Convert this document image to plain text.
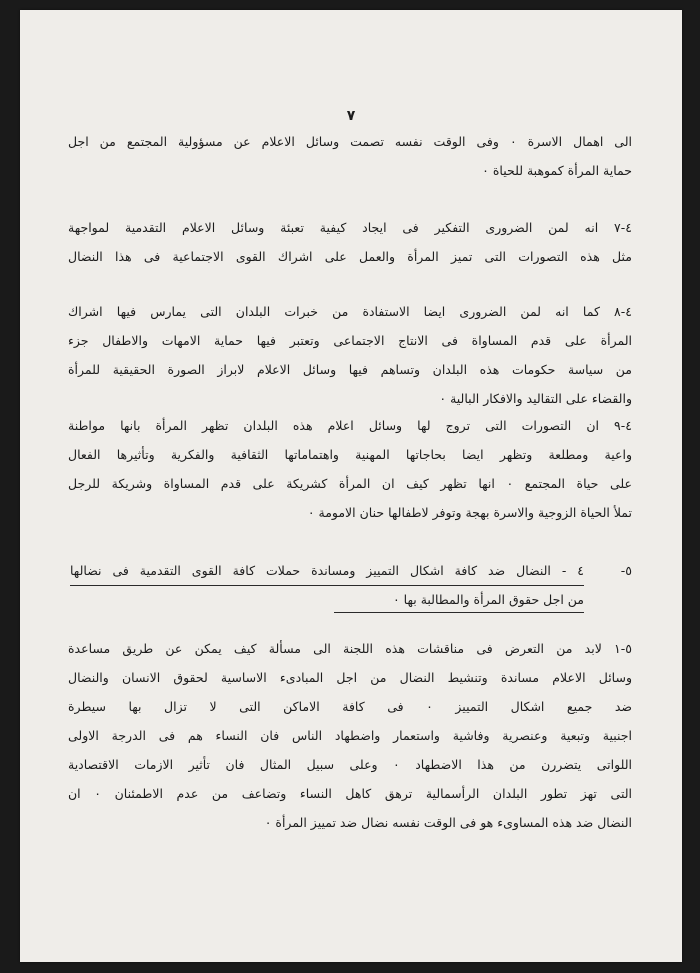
٧
الى اهمال الاسرة ٠ وفى الوقت نفسه تصمت وسائل الاعلام عن مسؤولية المجتمع من اجل
حماية المرأة كموهبة للحياة ٠
٤-٧ انه لمن الضرورى التفكير فى ايجاد كيفية تعبئة وسائل الاعلام التقدمية لمواجهة
مثل هذه التصورات التى تميز المرأة والعمل على اشراك القوى الاجتماعية فى هذا النضال
٤-٨ كما انه لمن الضرورى ايضا الاستفادة من خبرات البلدان التى يمارس فيها اشراك
المرأة على قدم المساواة فى الانتاج الاجتماعى وتعتبر فيها حماية الامهات والاطفال جزء
من سياسة حكومات هذه البلدان وتساهم فيها وسائل الاعلام لابراز الصورة الحقيقية للمرأة
والقضاء على التقاليد والافكار البالية ٠
٤-٩ ان التصورات التى تروج لها وسائل اعلام هذه البلدان تظهر المرأة بانها مواطنة
واعية ومطلعة وتظهر ايضا بحاجاتها المهنية واهتماماتها الثقافية والفكرية وتأثيرها الفعال
على حياة المجتمع ٠ انها تظهر كيف ان المرأة كشريكة على قدم المساواة وشريكة للرجل
تملأ الحياة الزوجية والاسرة بهجة وتوفر لاطفالها حنان الامومة ٠
٥-
٤ - النضال ضد كافة اشكال التمييز ومساندة حملات كافة القوى التقدمية فى نضالها
من اجل حقوق المرأة والمطالبة بها ٠
٥-١ لابد من التعرض فى مناقشات هذه اللجنة الى مسألة كيف يمكن عن طريق مساعدة
وسائل الاعلام مساندة وتنشيط النضال من اجل المبادىء الاساسية لحقوق الانسان والنضال
ضد جميع اشكال التمييز ٠ فى كافة الاماكن التى لا تزال بها سيطرة
اجنبية وتبعية وعنصرية وفاشية واستعمار واضطهاد الناس فان النساء هم فى الدرجة الاولى
اللواتى يتضررن من هذا الاضطهاد ٠ وعلى سبيل المثال فان تأثير الازمات الاقتصادية
التى تهز تطور البلدان الرأسمالية ترهق كاهل النساء وتضاعف من عدم الاطمئنان ٠ ان
النضال ضد هذه المساوىء هو فى الوقت نفسه نضال ضد تمييز المرأة ٠
